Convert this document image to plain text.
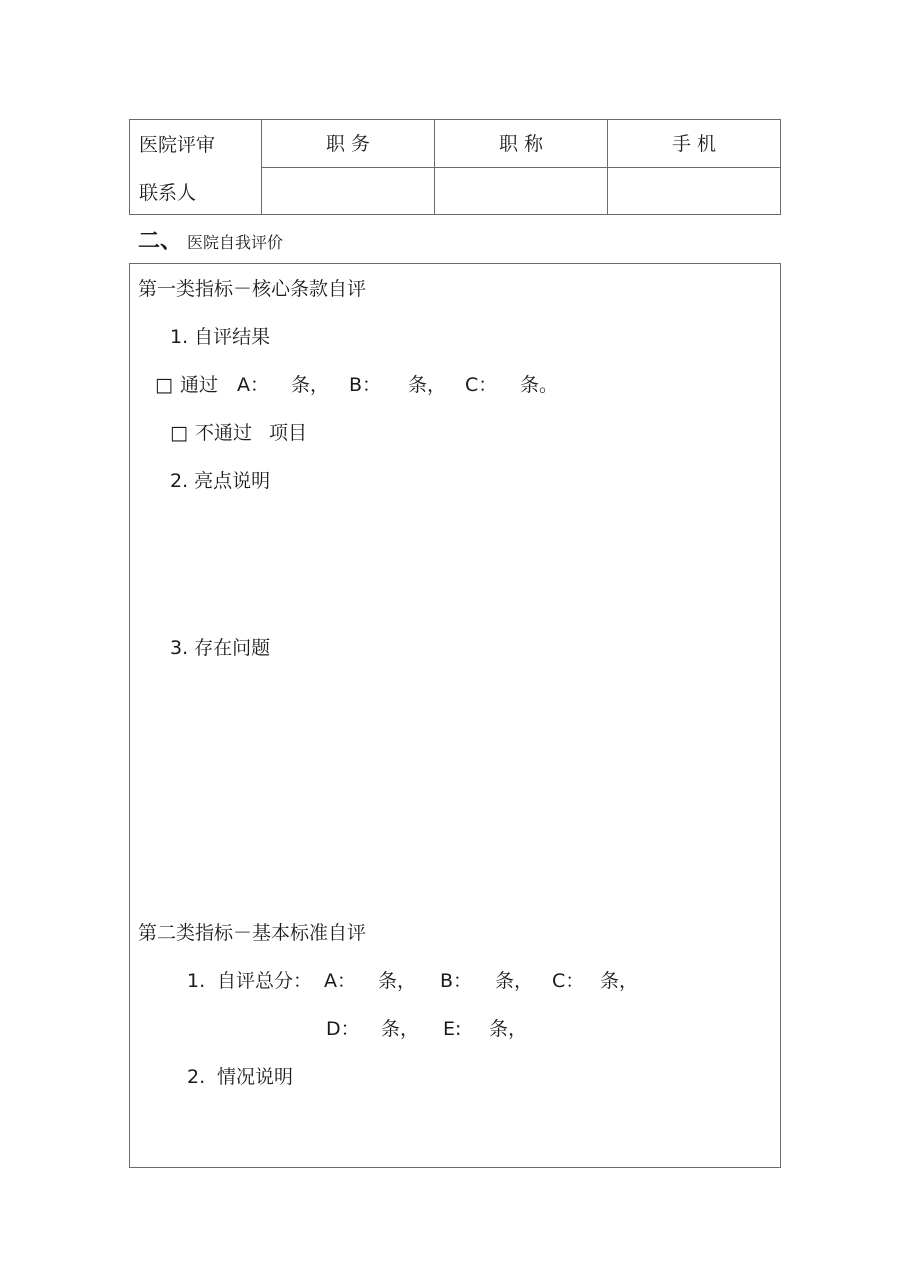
医院评审
联系人
职 务	职 称	手 机
二、 医院自我评价
第一类指标－核心条款自评
1. 自评结果
□ 通过 A： 条， B： 条， C： 条。
□ 不通过 项目
2. 亮点说明
3. 存在问题
第二类指标－基本标准自评
1. 自评总分： A： 条， B： 条， C： 条，
D： 条， E: 条，
2. 情况说明
